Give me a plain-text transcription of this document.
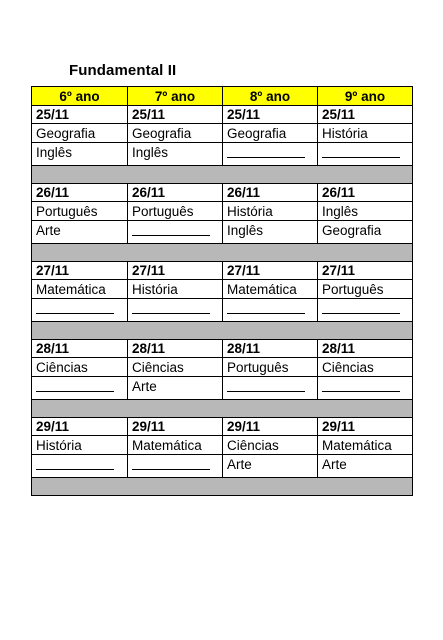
Fundamental II
6º ano	7º ano	8º ano	9º ano
25/11	25/11	25/11	25/11
Geografia	Geografia	Geografia	História
Inglês	Inglês		

26/11	26/11	26/11	26/11
Português	Português	História	Inglês
Arte		Inglês	Geografia

27/11	27/11	27/11	27/11
Matemática	História	Matemática	Português

28/11	28/11	28/11	28/11
Ciências	Ciências	Português	Ciências
	Arte		

29/11	29/11	29/11	29/11
História	Matemática	Ciências	Matemática
		Arte	Arte
